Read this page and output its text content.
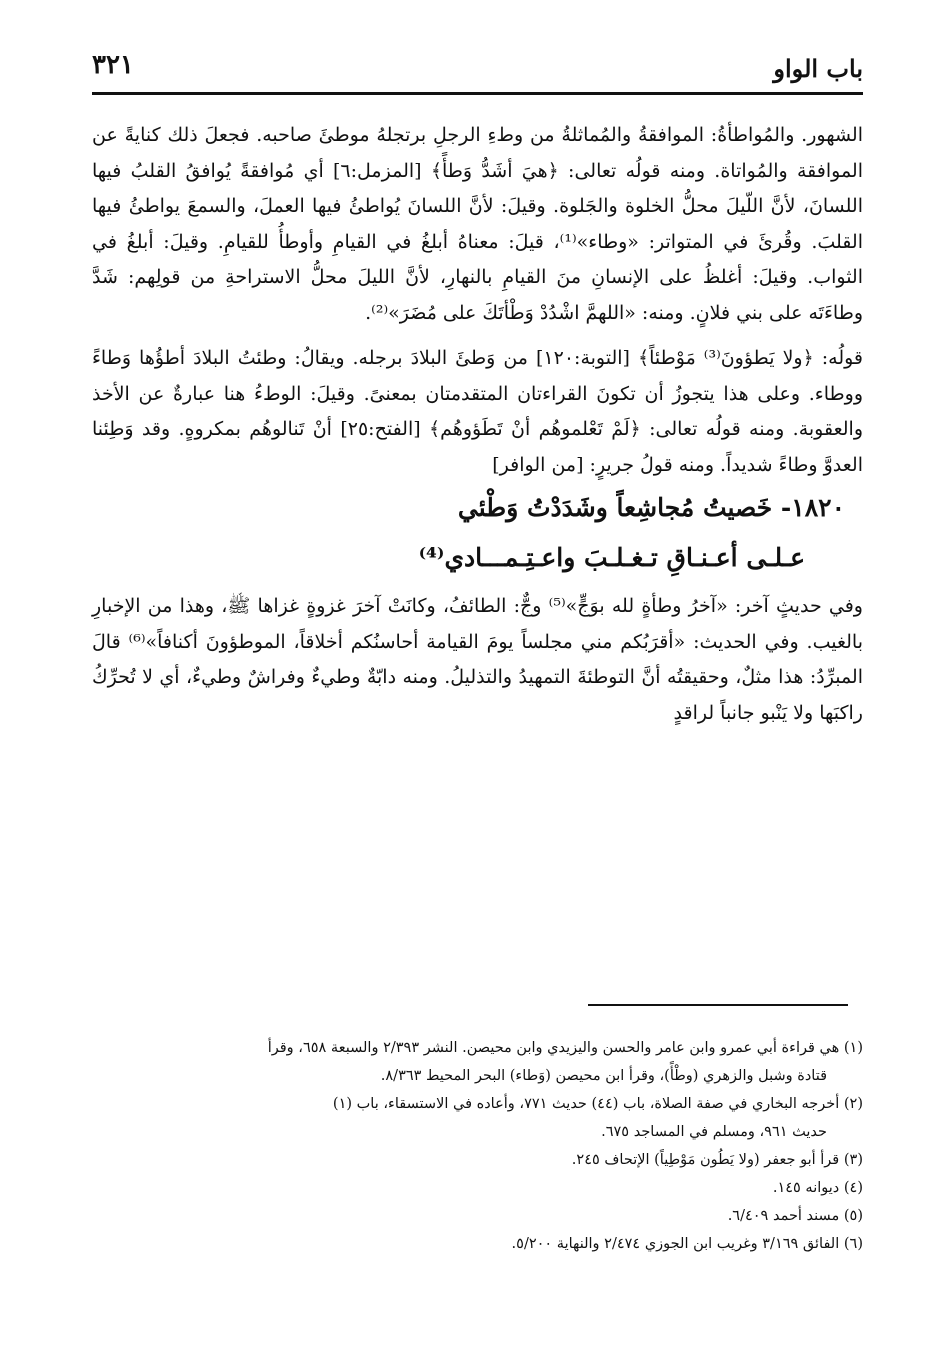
باب الواو
٣٢١

الشهور. والمُواطأةُ: الموافقةُ والمُماثلةُ من وطءِ الرجلِ برتجلهُ موطئَ صاحبه. فجعلَ ذلك كنايةً عن الموافقة والمُواتاة. ومنه قولُه تعالى: ﴿هيَ أشَدُّ وَطأً﴾ [المزمل:٦] أي مُوافقةً يُوافقُ القلبُ فيها اللسانَ، لأنَّ اللّيلَ محلُّ الخلوة والجَلوة. وقيلَ: لأنَّ اللسانَ يُواطئُ فيها العملَ، والسمعَ يواطئُ فيها القلبَ. وقُرئَ في المتواتر: «وطاء»⁽¹⁾، قيلَ: معناهُ أبلغُ في القيامِ وأوطأُ للقيامِ. وقيلَ: أبلغُ في الثواب. وقيلَ: أغلظُ على الإنسانِ منَ القيامِ بالنهارِ، لأنَّ الليلَ محلُّ الاستراحةِ من قولِهم: شَدَّ وطاءَتَه على بني فلانٍ. ومنه: «اللهمَّ اشْدُدْ وَطْأتَكَ على مُضَرَ»⁽²⁾.

قولُه: ﴿ولا يَطؤونَ⁽³⁾ مَوْطئاً﴾ [التوبة:١٢٠] من وَطئَ البلادَ برجله. ويقالُ: وطئتُ البلادَ أطؤُها وَطاءً ووطاء. وعلى هذا يتجوزُ أن تكونَ القراءتان المتقدمتان بمعنىً. وقيلَ: الوطءُ هنا عبارةٌ عن الأخذ والعقوبة. ومنه قولُه تعالى: ﴿لَمْ تَعْلموهُم أنْ تَطَؤوهُم﴾ [الفتح:٢٥] أنْ تَنالوهُم بمكروهٍ. وقد وَطِئنا العدوَّ وطاءً شديداً. ومنه قولُ جريرٍ: [من الوافر]

١٨٢٠- خَصيتُ مُجاشِعاً وشَدَدْتُ وَطْئي
عـلـى أعـنـاقِ تـغـلـبَ واعـتِـمـــادي⁽⁴⁾

وفي حديثٍ آخر: «آخرُ وطأةٍ لله بوَجٍّ»⁽⁵⁾ وجٌّ: الطائفُ، وكانَتْ آخرَ غزوةٍ غزاها ﷺ، وهذا من الإخبارِ بالغيب. وفي الحديث: «أقرَبُكم مني مجلساً يومَ القيامة أحاسنُكم أخلاقاً، الموطؤونَ أكنافاً»⁽⁶⁾ قالَ المبرِّدُ: هذا مثلٌ، وحقيقتُه أنَّ التوطئةَ التمهيدُ والتذليلُ. ومنه دابّةٌ وطيءٌ وفراشٌ وطيءٌ، أي لا تُحرِّكُ راكبَها ولا يَنْبو جانباً لراقدٍ

(١) هي قراءة أبي عمرو وابن عامر والحسن واليزيدي وابن محيصن. النشر ٢/٣٩٣ والسبعة ٦٥٨، وقرأ

قتادة وشبل والزهري (وطْأً)، وقرأ ابن محيصن (وَطاء) البحر المحيط ٨/٣٦٣.

(٢) أخرجه البخاري في صفة الصلاة، باب (٤٤) حديث ٧٧١، وأعاده في الاستسقاء، باب (١)

حديث ٩٦١، ومسلم في المساجد ٦٧٥.

(٣) قرأ أبو جعفر (ولا يَطُون مَوْطِياً) الإتحاف ٢٤٥.

(٤) ديوانه ١٤٥.

(٥) مسند أحمد ٦/٤٠٩.

(٦) الفائق ٣/١٦٩ وغريب ابن الجوزي ٢/٤٧٤ والنهاية ٥/٢٠٠.
